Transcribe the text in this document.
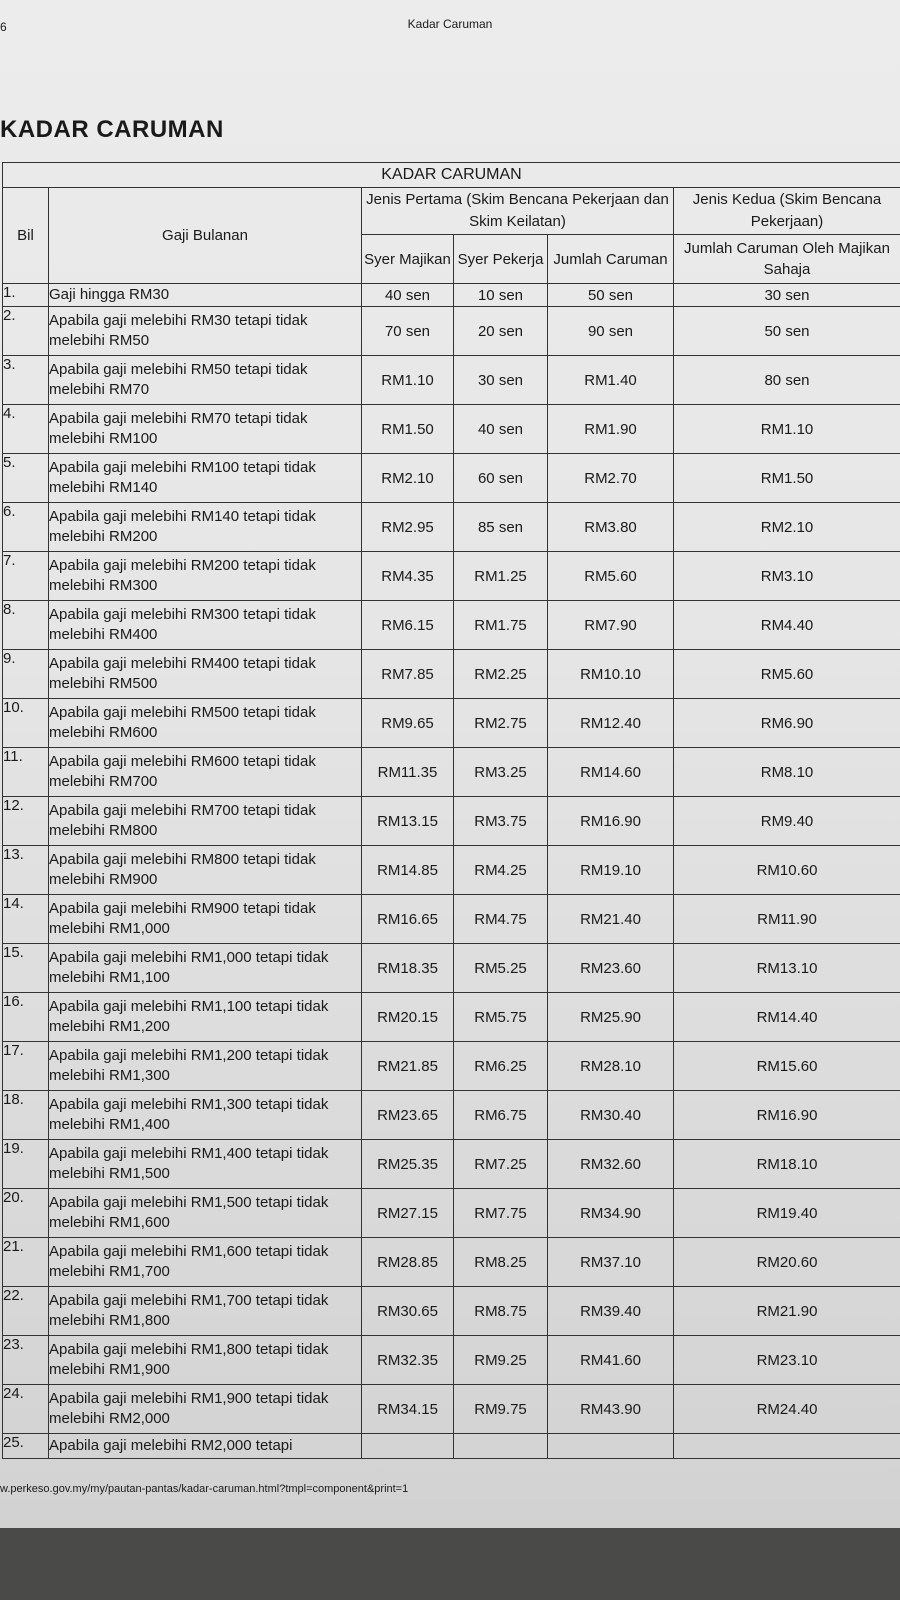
6	Kadar Caruman
KADAR CARUMAN
KADAR CARUMAN					
Bil	Gaji Bulanan	Jenis Pertama (Skim Bencana Pekerjaan dan Skim Keilatan)			Jenis Kedua (Skim Bencana Pekerjaan)
		Syer Majikan	Syer Pekerja	Jumlah Caruman	Jumlah Caruman Oleh Majikan Sahaja
1.	Gaji hingga RM30	40 sen	10 sen	50 sen	30 sen
2.	Apabila gaji melebihi RM30 tetapi tidak melebihi RM50	70 sen	20 sen	90 sen	50 sen
3.	Apabila gaji melebihi RM50 tetapi tidak melebihi RM70	RM1.10	30 sen	RM1.40	80 sen
4.	Apabila gaji melebihi RM70 tetapi tidak melebihi RM100	RM1.50	40 sen	RM1.90	RM1.10
5.	Apabila gaji melebihi RM100 tetapi tidak melebihi RM140	RM2.10	60 sen	RM2.70	RM1.50
6.	Apabila gaji melebihi RM140 tetapi tidak melebihi RM200	RM2.95	85 sen	RM3.80	RM2.10
7.	Apabila gaji melebihi RM200 tetapi tidak melebihi RM300	RM4.35	RM1.25	RM5.60	RM3.10
8.	Apabila gaji melebihi RM300 tetapi tidak melebihi RM400	RM6.15	RM1.75	RM7.90	RM4.40
9.	Apabila gaji melebihi RM400 tetapi tidak melebihi RM500	RM7.85	RM2.25	RM10.10	RM5.60
10.	Apabila gaji melebihi RM500 tetapi tidak melebihi RM600	RM9.65	RM2.75	RM12.40	RM6.90
11.	Apabila gaji melebihi RM600 tetapi tidak melebihi RM700	RM11.35	RM3.25	RM14.60	RM8.10
12.	Apabila gaji melebihi RM700 tetapi tidak melebihi RM800	RM13.15	RM3.75	RM16.90	RM9.40
13.	Apabila gaji melebihi RM800 tetapi tidak melebihi RM900	RM14.85	RM4.25	RM19.10	RM10.60
14.	Apabila gaji melebihi RM900 tetapi tidak melebihi RM1,000	RM16.65	RM4.75	RM21.40	RM11.90
15.	Apabila gaji melebihi RM1,000 tetapi tidak melebihi RM1,100	RM18.35	RM5.25	RM23.60	RM13.10
16.	Apabila gaji melebihi RM1,100 tetapi tidak melebihi RM1,200	RM20.15	RM5.75	RM25.90	RM14.40
17.	Apabila gaji melebihi RM1,200 tetapi tidak melebihi RM1,300	RM21.85	RM6.25	RM28.10	RM15.60
18.	Apabila gaji melebihi RM1,300 tetapi tidak melebihi RM1,400	RM23.65	RM6.75	RM30.40	RM16.90
19.	Apabila gaji melebihi RM1,400 tetapi tidak melebihi RM1,500	RM25.35	RM7.25	RM32.60	RM18.10
20.	Apabila gaji melebihi RM1,500 tetapi tidak melebihi RM1,600	RM27.15	RM7.75	RM34.90	RM19.40
21.	Apabila gaji melebihi RM1,600 tetapi tidak melebihi RM1,700	RM28.85	RM8.25	RM37.10	RM20.60
22.	Apabila gaji melebihi RM1,700 tetapi tidak melebihi RM1,800	RM30.65	RM8.75	RM39.40	RM21.90
23.	Apabila gaji melebihi RM1,800 tetapi tidak melebihi RM1,900	RM32.35	RM9.25	RM41.60	RM23.10
24.	Apabila gaji melebihi RM1,900 tetapi tidak melebihi RM2,000	RM34.15	RM9.75	RM43.90	RM24.40
25.	Apabila gaji melebihi RM2,000 tetapi				
w.perkeso.gov.my/my/pautan-pantas/kadar-caruman.html?tmpl=component&print=1
